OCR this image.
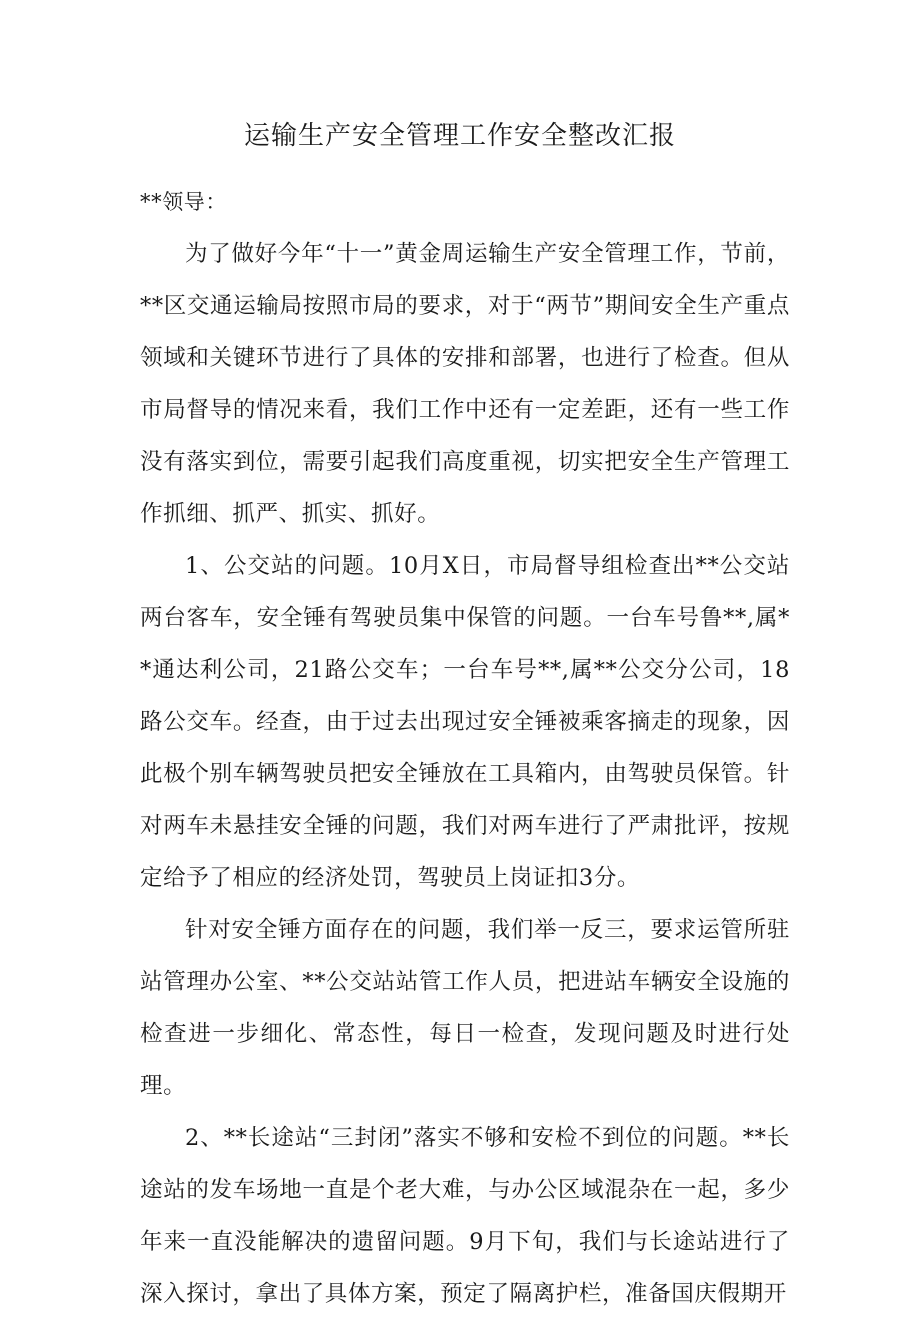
运输生产安全管理工作安全整改汇报

**领导：

为了做好今年“十一”黄金周运输生产安全管理工作，节前，**区交通运输局按照市局的要求，对于“两节”期间安全生产重点领域和关键环节进行了具体的安排和部署，也进行了检查。但从市局督导的情况来看，我们工作中还有一定差距，还有一些工作没有落实到位，需要引起我们高度重视，切实把安全生产管理工作抓细、抓严、抓实、抓好。

1、公交站的问题。10月X日，市局督导组检查出**公交站两台客车，安全锤有驾驶员集中保管的问题。一台车号鲁**,属**通达利公司，21路公交车；一台车号**,属**公交分公司，18路公交车。经查，由于过去出现过安全锤被乘客摘走的现象，因此极个别车辆驾驶员把安全锤放在工具箱内，由驾驶员保管。针对两车未悬挂安全锤的问题，我们对两车进行了严肃批评，按规定给予了相应的经济处罚，驾驶员上岗证扣3分。

针对安全锤方面存在的问题，我们举一反三，要求运管所驻站管理办公室、**公交站站管工作人员，把进站车辆安全设施的检查进一步细化、常态性，每日一检查，发现问题及时进行处理。

2、**长途站“三封闭”落实不够和安检不到位的问题。**长途站的发车场地一直是个老大难，与办公区域混杂在一起，多少年来一直没能解决的遗留问题。9月下旬，我们与长途站进行了深入探讨，拿出了具体方案，预定了隔离护栏，准备国庆假期开
